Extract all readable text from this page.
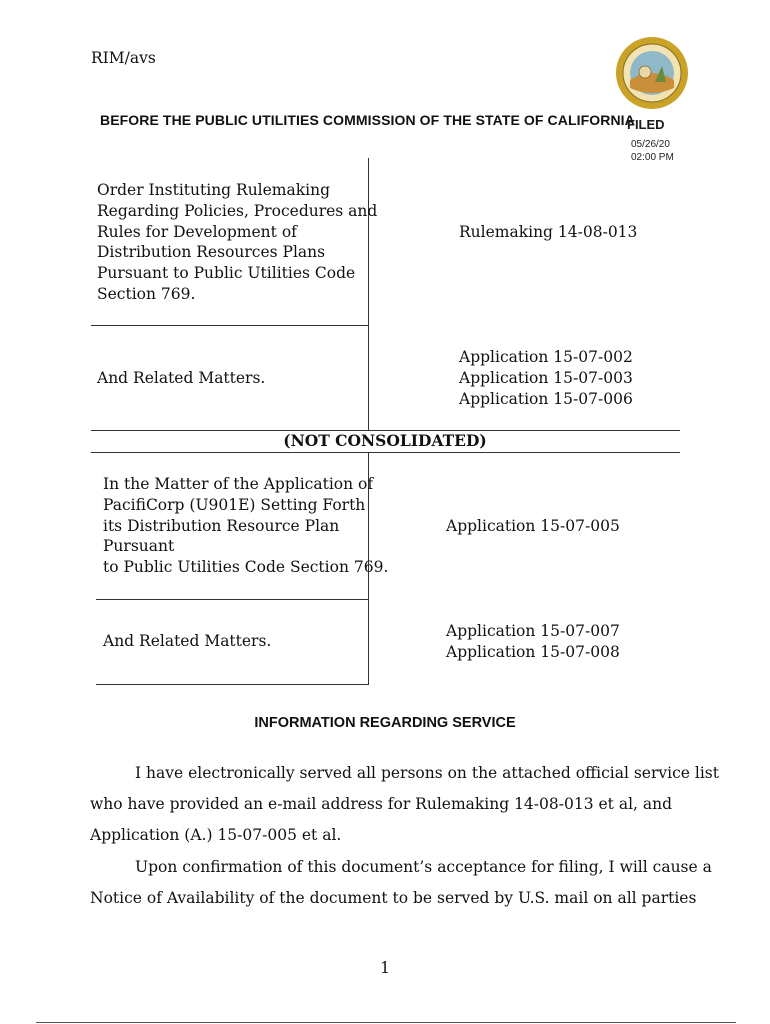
RIM/avs
BEFORE THE PUBLIC UTILITIES COMMISSION OF THE STATE OF CALIFORNIA
FILED
05/26/20
02:00 PM
Order Instituting Rulemaking
Regarding Policies, Procedures and
Rules for Development of
Distribution Resources Plans
Pursuant to Public Utilities Code
Section 769.
Rulemaking 14-08-013
And Related Matters.
Application 15-07-002
Application 15-07-003
Application 15-07-006
(NOT CONSOLIDATED)
In the Matter of the Application of
PacifiCorp (U901E) Setting Forth
its Distribution Resource Plan
Pursuant
to Public Utilities Code Section 769.
Application 15-07-005
And Related Matters.
Application 15-07-007
Application 15-07-008
INFORMATION REGARDING SERVICE
I have electronically served all persons on the attached official service list
who have provided an e-mail address for Rulemaking 14-08-013 et al, and
Application (A.) 15-07-005 et al.
Upon confirmation of this document’s acceptance for filing, I will cause a
Notice of Availability of the document to be served by U.S. mail on all parties
1
